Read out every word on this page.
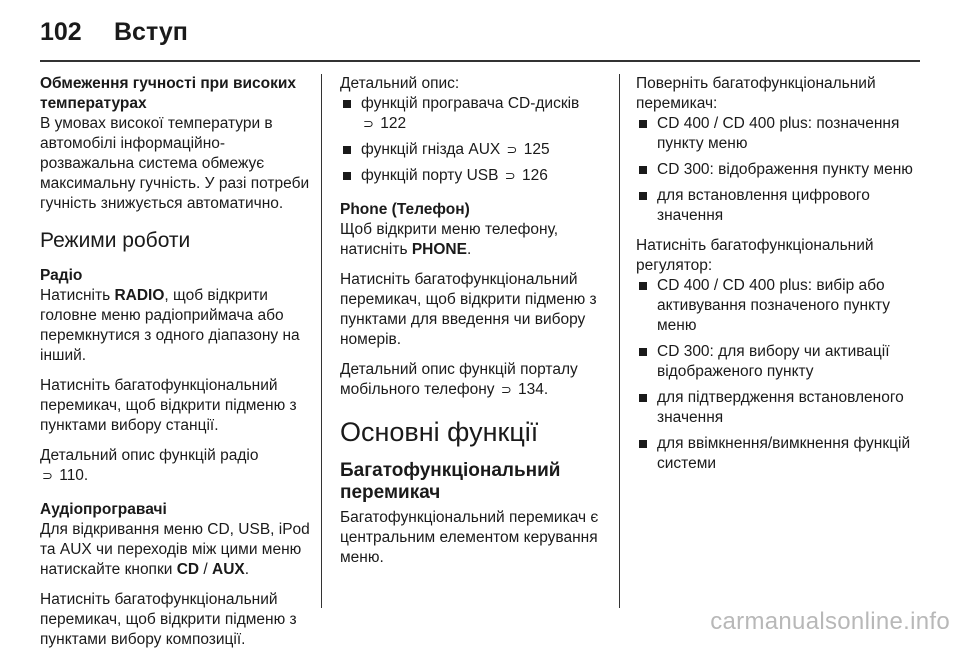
102 Вступ

Обмеження гучності при високих температурах

В умовах високої температури в автомобілі інформаційно-розважальна система обмежує максимальну гучність. У разі потреби гучність знижується автоматично.

Режими роботи

Радіо

Натисніть RADIO, щоб відкрити головне меню радіоприймача або перемкнутися з одного діапазону на інший.

Натисніть багатофункціональний перемикач, щоб відкрити підменю з пунктами вибору станції.

Детальний опис функцій радіо
⊃ 110.

Аудіопрогравачі

Для відкривання меню CD, USB, iPod та AUX чи переходів між цими меню натискайте кнопки CD / AUX.

Натисніть багатофункціональний перемикач, щоб відкрити підменю з пунктами вибору композиції.

Детальний опис:

функцій програвача CD-дисків
⊃ 122
функцій гнізда AUX ⊃ 125
функцій порту USB ⊃ 126

Phone (Телефон)

Щоб відкрити меню телефону, натисніть PHONE.

Натисніть багатофункціональний перемикач, щоб відкрити підменю з пунктами для введення чи вибору номерів.

Детальний опис функцій порталу мобільного телефону ⊃ 134.

Основні функції

Багатофункціональний перемикач

Багатофункціональний перемикач є центральним елементом керування меню.

Поверніть багатофункціональний перемикач:

CD 400 / CD 400 plus: позначення пункту меню
CD 300: відображення пункту меню
для встановлення цифрового значення

Натисніть багатофункціональний регулятор:

CD 400 / CD 400 plus: вибір або активування позначеного пункту меню
CD 300: для вибору чи активації відображеного пункту
для підтвердження встановленого значення
для ввімкнення/вимкнення функцій системи
carmanualsonline.info
